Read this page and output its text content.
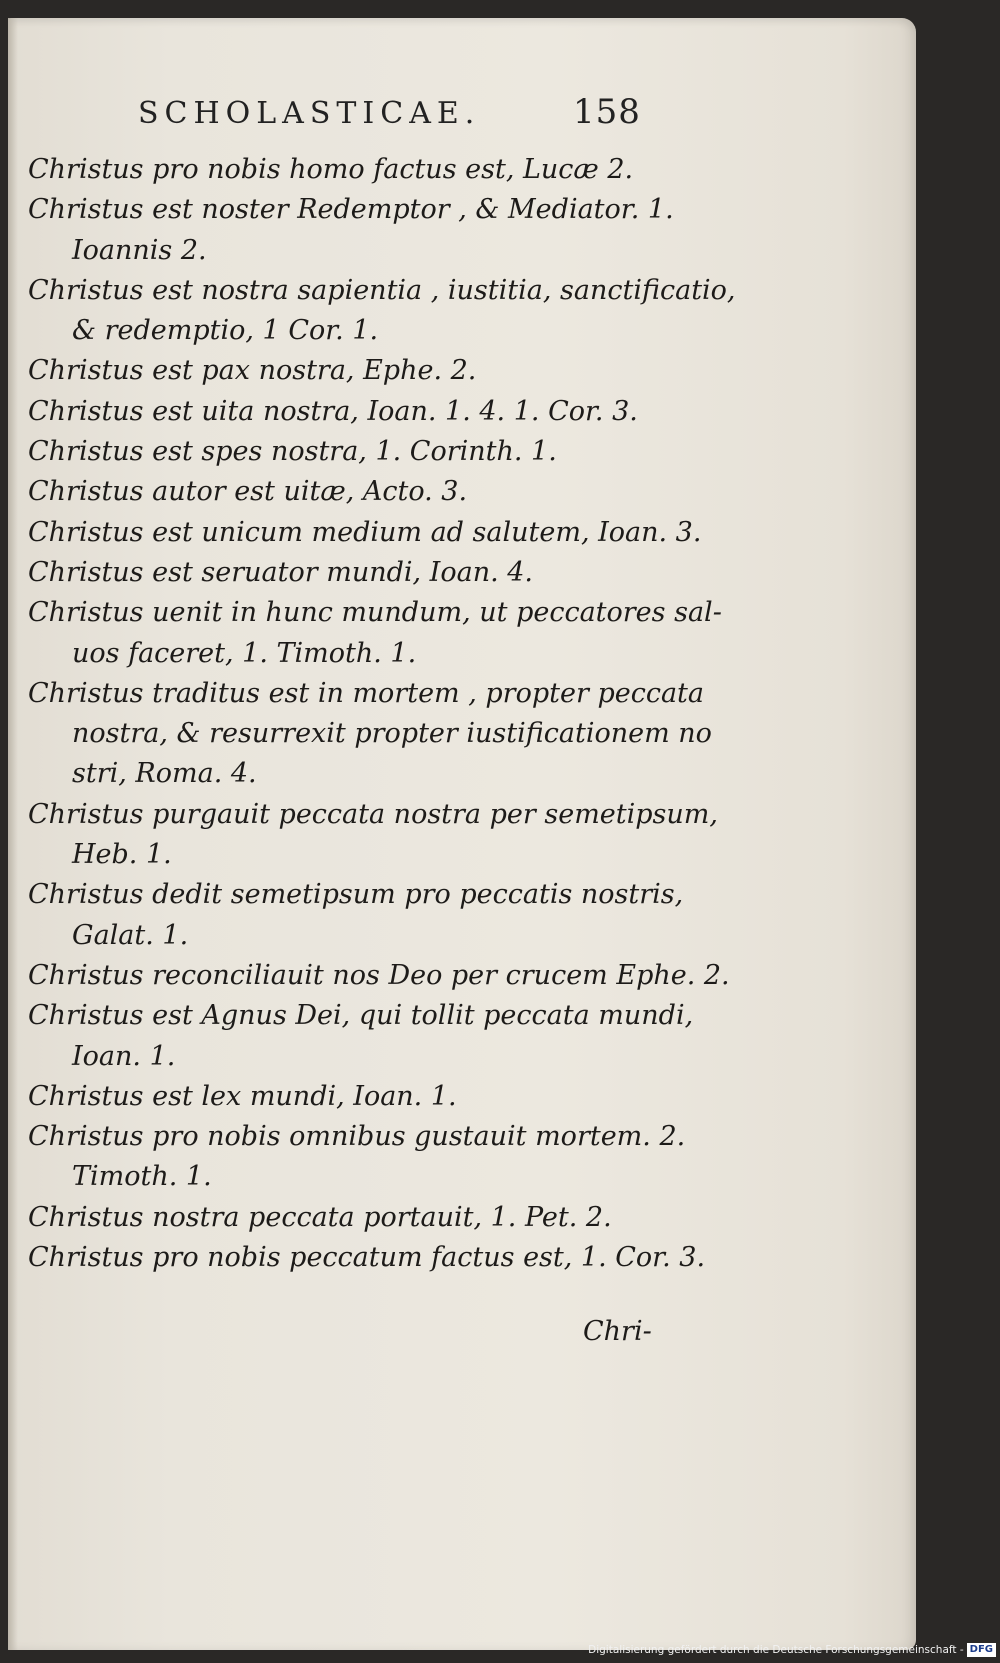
SCHOLASTICAE.	158
Christus pro nobis homo factus est, Lucæ 2.
Christus est noster Redemptor , & Mediator. 1.
Ioannis 2.
Christus est nostra sapientia , iustitia, sanctificatio,
& redemptio, 1 Cor. 1.
Christus est pax nostra, Ephe. 2.
Christus est uita nostra, Ioan. 1. 4. 1. Cor. 3.
Christus est spes nostra, 1. Corinth. 1.
Christus autor est uitæ, Acto. 3.
Christus est unicum medium ad salutem, Ioan. 3.
Christus est seruator mundi, Ioan. 4.
Christus uenit in hunc mundum, ut peccatores sal-
uos faceret, 1. Timoth. 1.
Christus traditus est in mortem , propter peccata
nostra, & resurrexit propter iustificationem no
stri, Roma. 4.
Christus purgauit peccata nostra per semetipsum,
Heb. 1.
Christus dedit semetipsum pro peccatis nostris,
Galat. 1.
Christus reconciliauit nos Deo per crucem Ephe. 2.
Christus est Agnus Dei, qui tollit peccata mundi,
Ioan. 1.
Christus est lex mundi, Ioan. 1.
Christus pro nobis omnibus gustauit mortem. 2.
Timoth. 1.
Christus nostra peccata portauit, 1. Pet. 2.
Christus pro nobis peccatum factus est, 1. Cor. 3.
Chri-
Digitalisierung gefördert durch die Deutsche Forschungsgemeinschaft - DFG
